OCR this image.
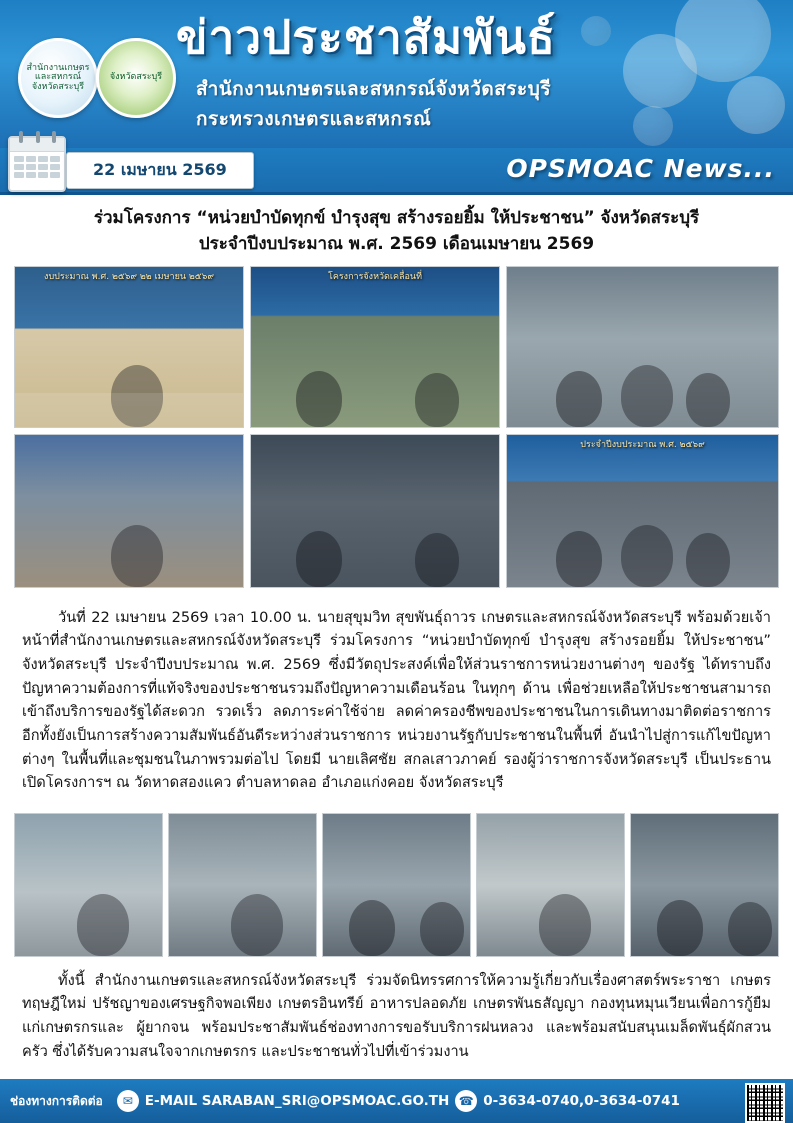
สำนักงานเกษตรและสหกรณ์จังหวัดสระบุรี
จังหวัดสระบุรี
ข่าวประชาสัมพันธ์
สำนักงานเกษตรและสหกรณ์จังหวัดสระบุรี
กระทรวงเกษตรและสหกรณ์
22 เมษายน 2569	OPSMOAC News...
ร่วมโครงการ “หน่วยบำบัดทุกข์ บำรุงสุข สร้างรอยยิ้ม ให้ประชาชน” จังหวัดสระบุรี
ประจำปีงบประมาณ พ.ศ. 2569 เดือนเมษายน 2569
งบประมาณ พ.ศ. ๒๕๖๙ ๒๒ เมษายน ๒๕๖๙	โครงการจังหวัดเคลื่อนที่
ประจำปีงบประมาณ พ.ศ. ๒๕๖๙

วันที่ 22 เมษายน 2569 เวลา 10.00 น. นายสุขุมวิท สุขพันธุ์ถาวร เกษตรและสหกรณ์จังหวัดสระบุรี พร้อมด้วยเจ้าหน้าที่สำนักงานเกษตรและสหกรณ์จังหวัดสระบุรี ร่วมโครงการ “หน่วยบำบัดทุกข์ บำรุงสุข สร้างรอยยิ้ม ให้ประชาชน” จังหวัดสระบุรี ประจำปีงบประมาณ พ.ศ. 2569 ซึ่งมีวัตถุประสงค์เพื่อให้ส่วนราชการหน่วยงานต่างๆ ของรัฐ ได้ทราบถึงปัญหาความต้องการที่แท้จริงของประชาชนรวมถึงปัญหาความเดือนร้อน ในทุกๆ ด้าน เพื่อช่วยเหลือให้ประชาชนสามารถเข้าถึงบริการของรัฐได้สะดวก รวดเร็ว ลดภาระค่าใช้จ่าย ลดค่าครองชีพของประชาชนในการเดินทางมาติดต่อราชการ อีกทั้งยังเป็นการสร้างความสัมพันธ์อันดีระหว่างส่วนราชการ หน่วยงานรัฐกับประชาชนในพื้นที่ อันนำไปสู่การแก้ไขปัญหาต่างๆ ในพื้นที่และชุมชนในภาพรวมต่อไป โดยมี นายเลิศชัย สกลเสาวภาคย์ รองผู้ว่าราชการจังหวัดสระบุรี เป็นประธานเปิดโครงการฯ ณ วัดหาดสองแคว ตำบลหาดลอ อำเภอแก่งคอย จังหวัดสระบุรี

ทั้งนี้ สำนักงานเกษตรและสหกรณ์จังหวัดสระบุรี ร่วมจัดนิทรรศการให้ความรู้เกี่ยวกับเรื่องศาสตร์พระราชา เกษตรทฤษฎีใหม่ ปรัชญาของเศรษฐกิจพอเพียง เกษตรอินทรีย์ อาหารปลอดภัย เกษตรพันธสัญญา กองทุนหมุนเวียนเพื่อการกู้ยืม แก่เกษตรกรและ ผู้ยากจน พร้อมประชาสัมพันธ์ช่องทางการขอรับบริการฝนหลวง และพร้อมสนับสนุนเมล็ดพันธุ์ผักสวนครัว ซึ่งได้รับความสนใจจากเกษตรกร และประชาชนทั่วไปที่เข้าร่วมงาน

ช่องทางการติดต่อ	✉ E-MAIL SARABAN_SRI@OPSMOAC.GO.TH ☎ 0-3634-0740,0-3634-0741
